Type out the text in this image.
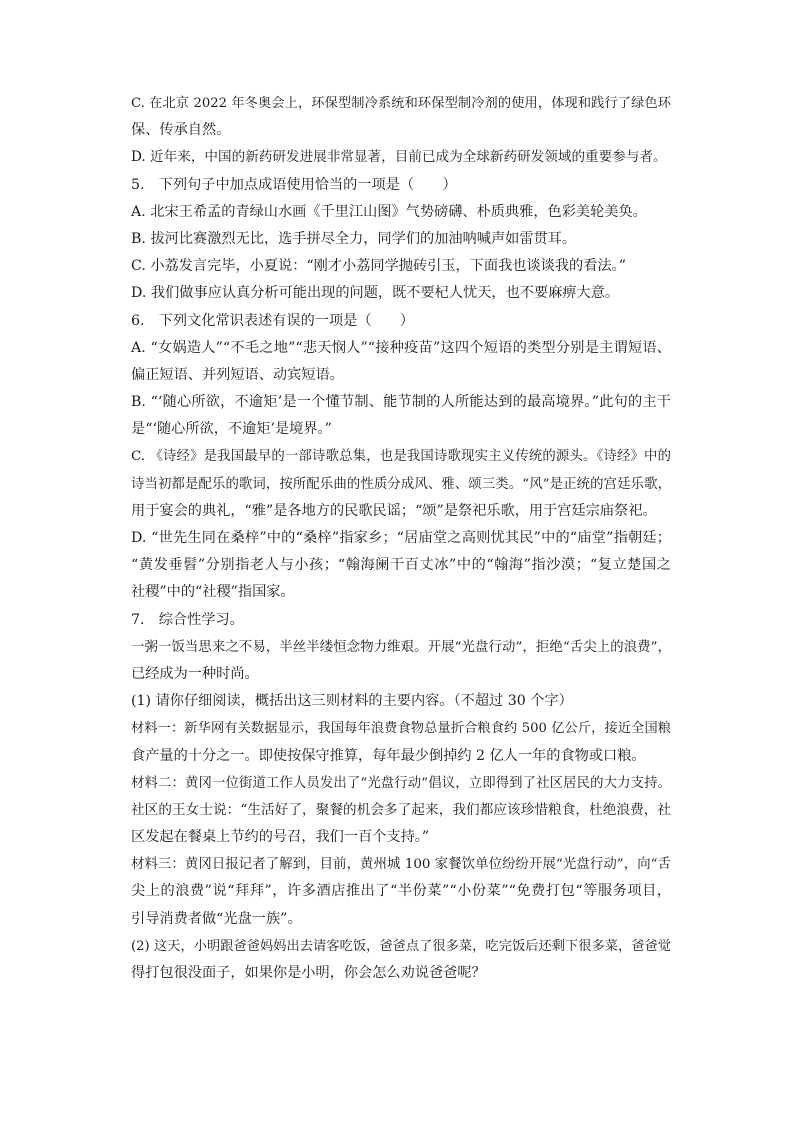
C. 在北京 2022 年冬奥会上，环保型制冷系统和环保型制冷剂的使用，体现和践行了绿色环
保、传承自然。
D. 近年来，中国的新药研发进展非常显著，目前已成为全球新药研发领域的重要参与者。
5.　下列句子中加点成语使用恰当的一项是（　　）
A. 北宋王希孟的青绿山水画《千里江山图》气势磅礴、朴质典雅，色彩美轮美奂。
B. 拔河比赛激烈无比，选手拼尽全力，同学们的加油呐喊声如雷贯耳。
C. 小荔发言完毕，小夏说：“刚才小荔同学抛砖引玉，下面我也谈谈我的看法。”
D. 我们做事应认真分析可能出现的问题，既不要杞人忧天，也不要麻痹大意。
6.　下列文化常识表述有误的一项是（　　）
A. “女娲造人”“不毛之地”“悲天悯人”“接种疫苗”这四个短语的类型分别是主谓短语、
偏正短语、并列短语、动宾短语。
B. “‘随心所欲，不逾矩’是一个懂节制、能节制的人所能达到的最高境界。”此句的主干
是“‘随心所欲，不逾矩’是境界。”
C. 《诗经》是我国最早的一部诗歌总集，也是我国诗歌现实主义传统的源头。《诗经》中的
诗当初都是配乐的歌词，按所配乐曲的性质分成风、雅、颂三类。“风”是正统的宫廷乐歌，
用于宴会的典礼，“雅”是各地方的民歌民谣；“颂”是祭祀乐歌，用于宫廷宗庙祭祀。
D. “世先生同在桑梓”中的“桑梓”指家乡；“居庙堂之高则忧其民”中的“庙堂”指朝廷；
“黄发垂髫”分别指老人与小孩；“翰海阑干百丈冰”中的“翰海”指沙漠；“复立楚国之
社稷”中的“社稷”指国家。
7.　综合性学习。
一粥一饭当思来之不易，半丝半缕恒念物力维艰。开展“光盘行动”，拒绝“舌尖上的浪费”，
已经成为一种时尚。
(1) 请你仔细阅读，概括出这三则材料的主要内容。（不超过 30 个字）
材料一：新华网有关数据显示，我国每年浪费食物总量折合粮食约 500 亿公斤，接近全国粮
食产量的十分之一。即使按保守推算，每年最少倒掉约 2 亿人一年的食物或口粮。
材料二：黄冈一位街道工作人员发出了“光盘行动”倡议，立即得到了社区居民的大力支持。
社区的王女士说：“生活好了，聚餐的机会多了起来，我们都应该珍惜粮食，杜绝浪费，社
区发起在餐桌上节约的号召，我们一百个支持。”
材料三：黄冈日报记者了解到，目前，黄州城 100 家餐饮单位纷纷开展“光盘行动”，向“舌
尖上的浪费”说“拜拜”，许多酒店推出了“半份菜”“小份菜”“免费打包“等服务项目，
引导消费者做“光盘一族”。
(2) 这天，小明跟爸爸妈妈出去请客吃饭，爸爸点了很多菜，吃完饭后还剩下很多菜，爸爸觉
得打包很没面子，如果你是小明，你会怎么劝说爸爸呢？
